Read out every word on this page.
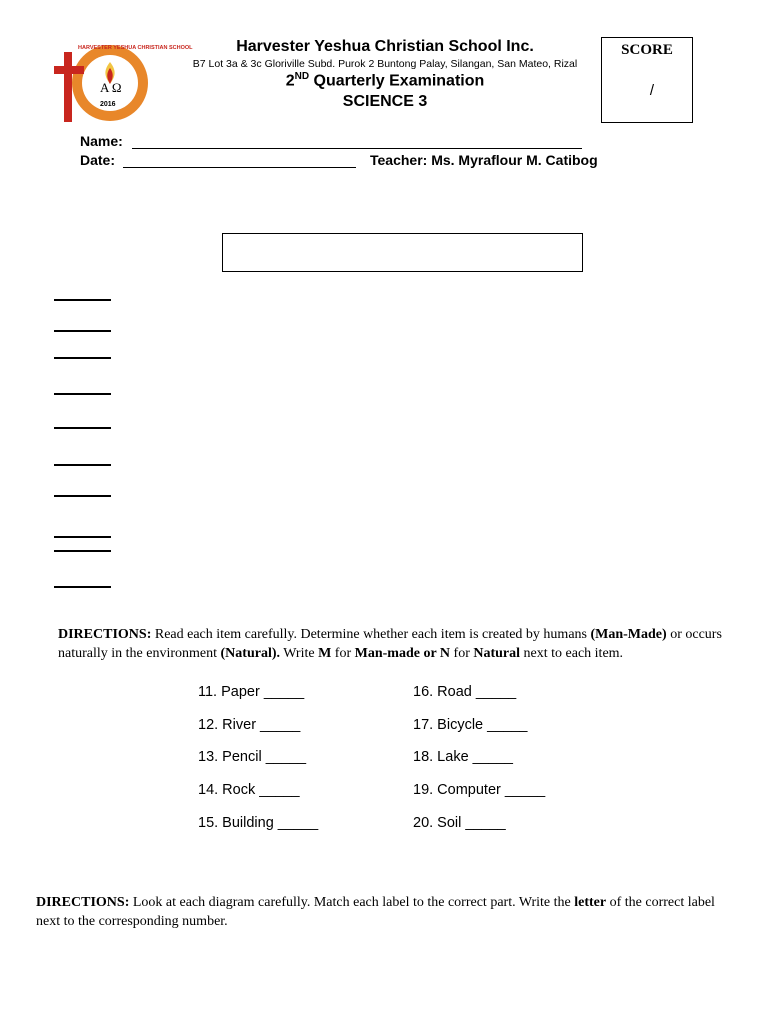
A Ω
2016
HARVESTER YESHUA CHRISTIAN SCHOOL	Harvester Yeshua Christian School Inc.
B7 Lot 3a & 3c Gloriville Subd. Purok 2 Buntong Palay, Silangan, San Mateo, Rizal
2ND Quarterly Examination
SCIENCE 3
SCORE
/
Name:
Date:	Teacher: Ms. Myraflour M. Catibog
DIRECTIONS: Read each item carefully. Determine whether each item is created by humans (Man-Made) or occurs naturally in the environment (Natural). Write M for Man-made or N for Natural next to each item.
11. Paper _____
12. River _____
13. Pencil _____
14. Rock _____
15. Building _____
16. Road _____
17. Bicycle _____
18. Lake _____
19. Computer _____
20. Soil _____
DIRECTIONS: Look at each diagram carefully. Match each label to the correct part. Write the letter of the correct label next to the corresponding number.
